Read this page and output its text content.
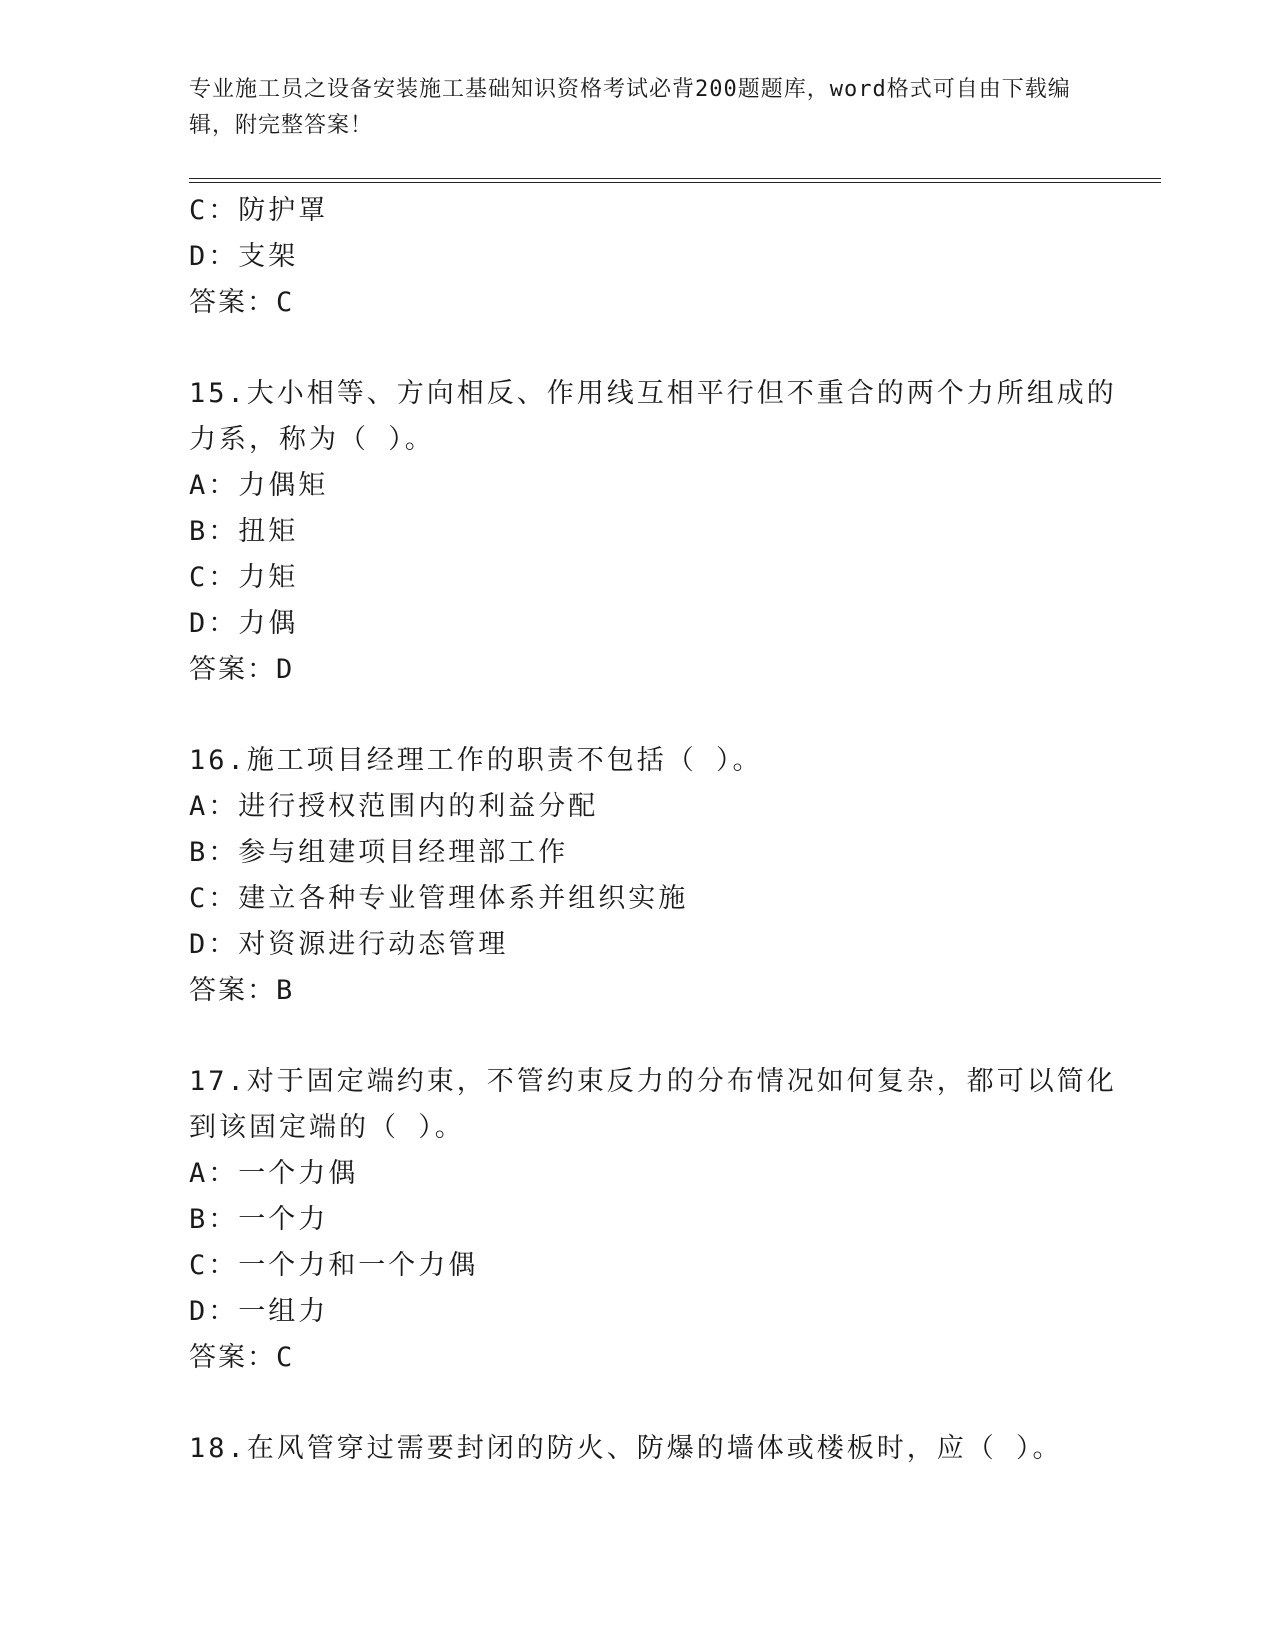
专业施工员之设备安装施工基础知识资格考试必背200题题库，word格式可自由下载编辑，附完整答案！
C：防护罩
D：支架
答案：C
15.大小相等、方向相反、作用线互相平行但不重合的两个力所组成的
力系，称为（ ）。
A：力偶矩
B：扭矩
C：力矩
D：力偶
答案：D
16.施工项目经理工作的职责不包括（ ）。
A：进行授权范围内的利益分配
B：参与组建项目经理部工作
C：建立各种专业管理体系并组织实施
D：对资源进行动态管理
答案：B
17.对于固定端约束，不管约束反力的分布情况如何复杂，都可以简化
到该固定端的（ ）。
A：一个力偶
B：一个力
C：一个力和一个力偶
D：一组力
答案：C
18.在风管穿过需要封闭的防火、防爆的墙体或楼板时，应（ ）。
